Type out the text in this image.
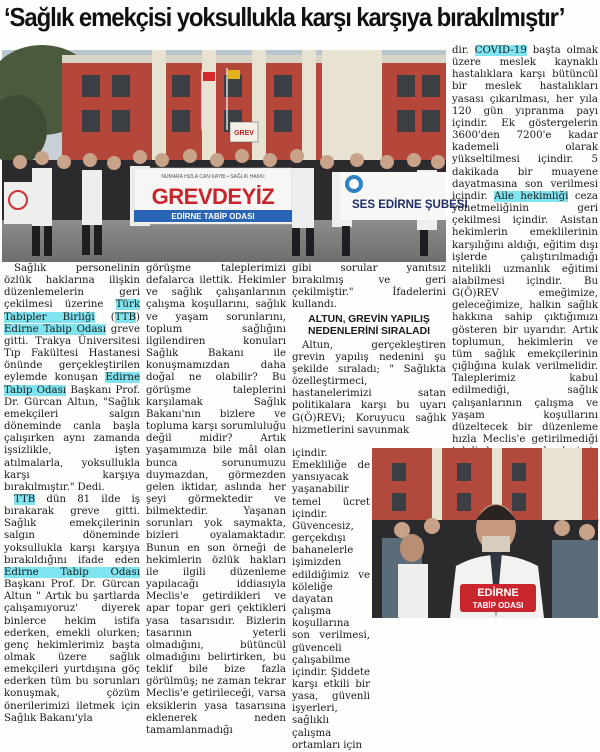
‘Sağlık emekçisi yoksullukla karşı karşıya bırakılmıştır’
GREV
NUMARA HIZLA CAN KAYBI • SAĞLIK HAKKI
GREVDEYİZ
EDİRNE TABİP ODASI
SES EDİRNE ŞUBESİ

Sağlık personelinin özlük haklarına ilişkin düzenlemelerin geri çekilmesi üzerine Türk Tabipler Birliği (TTB) Edirne Tabip Odası greve gitti. Trakya Üniversitesi Tıp Fakültesi Hastanesi önünde gerçekleştirilen eylemde konuşan Edirne Tabip Odası Başkanı Prof. Dr. Gürcan Altun, "Sağlık emekçileri salgın döneminde canla başla çalışırken aynı zamanda işsizlikle, işten atılmalarla, yoksullukla karşı karşıya bırakılmıştır." Dedi.

TTB dün 81 ilde iş bırakarak greve gitti. Sağlık emekçilerinin salgın döneminde yoksullukla karşı karşıya bırakıldığını ifade eden Edirne Tabip Odası Başkanı Prof. Dr. Gürcan Altun " Artık bu şartlarda çalışamıyoruz' diyerek binlerce hekim istifa ederken, emekli olurken; genç hekimlerimiz başta olmak üzere sağlık emekçileri yurtdışına göç ederken tüm bu sorunları konuşmak, çözüm önerilerimizi iletmek için Sağlık Bakanı'yla

görüşme taleplerimizi defalarca ilettik. Hekimler ve sağlık çalışanlarının çalışma koşullarını, sağlık ve yaşam sorunlarını, toplum sağlığını ilgilendiren konuları Sağlık Bakanı ile konuşmamızdan daha doğal ne olabilir? Bu görüşme taleplerini karşılamak Sağlık Bakanı'nın bizlere ve topluma karşı sorumluluğu değil midir? Artık yaşamımıza bile mâl olan bunca sorunumuzu duymazdan, görmezden gelen iktidar, aslında her şeyi görmektedir ve bilmektedir. Yaşanan sorunları yok saymakta, bizleri oyalamaktadır. Bunun en son örneği de hekimlerin özlük hakları ile ilgili düzenleme yapılacağı iddiasıyla Meclis'e getirdikleri ve apar topar geri çektikleri yasa tasarısıdır. Bizlerin tasarının yeterli olmadığını, bütüncül olmadığını belirtirken, bu teklif bile bize fazla görülmüş; ne zaman tekrar Meclis'e getirileceği, varsa eksiklerin yasa tasarısına eklenerek neden tamamlanmadığı

gibi sorular yanıtsız bırakılmış ve geri çekilmiştir." İfadelerini kullandı.

ALTUN, GREVİN YAPILIŞ NEDENLERİNİ SIRALADI

Altun, gerçekleştiren grevin yapılış nedenini şu şekilde sıraladı; " Sağlıkta özelleştirmeci, hastanelerimizi satan politikalara karşı bu uyarı G(Ö)REVi; Koruyucu sağlık hizmetlerini savunmak

içindir. Emekliliğe de yansıyacak yaşanabilir temel ücret içindir. Güvencesiz, gerçekdışı bahanelerle işimizden edildiğimiz ve köleliğe dayatan çalışma koşullarına son verilmesi, güvenceli çalışabilme içindir. Şiddete karşı etkili bir yasa, güvenli işyerleri, sağlıklı çalışma ortamları için

dir. COVID-19 başta olmak üzere meslek kaynaklı hastalıklara karşı bütüncül bir meslek hastalıkları yasası çıkarılması, her yıla 120 gün yıpranma payı içindir. Ek göstergelerin 3600'den 7200'e kadar kademeli olarak yükseltilmesi içindir. 5 dakikada bir muayene dayatmasına son verilmesi içindir. Aile hekimliği ceza yönetmeliğinin geri çekilmesi içindir. Asistan hekimlerin emeklilerinin karşılığını aldığı, eğitim dışı işlerde çalıştırılmadığı nitelikli uzmanlık eğitimi alabilmesi içindir. Bu G(Ö)REV emeğimize, geleceğimize, halkın sağlık hakkına sahip çıktığımızı gösteren bir uyarıdır. Artık toplumun, hekimlerin ve tüm sağlık emekçilerinin çığlığına kulak verilmelidir. Taleplerimiz kabul edilmediği, sağlık çalışanlarının çalışma ve yaşam koşullarını düzeltecek bir düzenleme hızla Meclis'e getirilmediği

EDİRNE
TABİP ODASI
